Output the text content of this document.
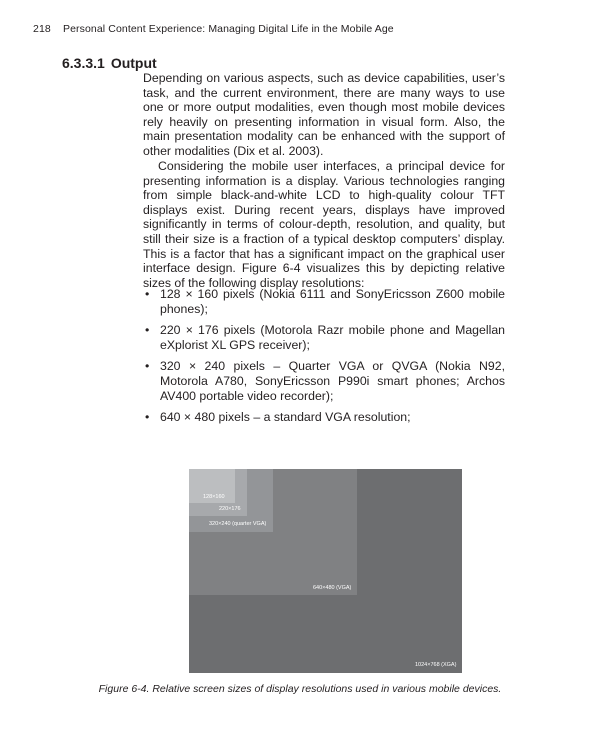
218 Personal Content Experience: Managing Digital Life in the Mobile Age
6.3.3.1 Output

Depending on various aspects, such as device capabilities, user’s task, and the current environment, there are many ways to use one or more output modalities, even though most mobile devices rely heavily on presenting information in visual form. Also, the main presentation modality can be enhanced with the support of other modalities (Dix et al. 2003).

Considering the mobile user interfaces, a principal device for presenting information is a display. Various technologies ranging from simple black-and-white LCD to high-quality colour TFT displays exist. During recent years, displays have improved significantly in terms of colour-depth, resolution, and quality, but still their size is a fraction of a typical desktop computers’ display. This is a factor that has a significant impact on the graphical user interface design. Figure 6-4 visualizes this by depicting relative sizes of the following display resolutions:

• 128 × 160 pixels (Nokia 6111 and SonyEricsson Z600 mobile phones);
• 220 × 176 pixels (Motorola Razr mobile phone and Magellan eXplorist XL GPS receiver);
• 320 × 240 pixels – Quarter VGA or QVGA (Nokia N92, Motorola A780, SonyEricsson P990i smart phones; Archos AV400 portable video recorder);
• 640 × 480 pixels – a standard VGA resolution;
128×160
220×176
320×240 (quarter VGA)
640×480 (VGA)
1024×768 (XGA)
Figure 6-4. Relative screen sizes of display resolutions used in various mobile devices.
